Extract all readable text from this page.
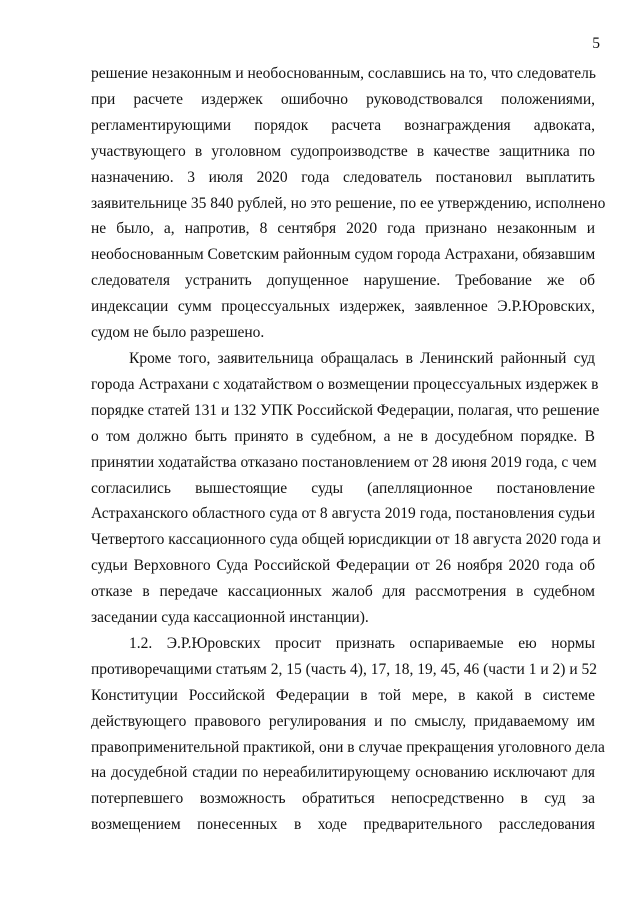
5
решение незаконным и необоснованным, сославшись на то, что следователь
при расчете издержек ошибочно руководствовался положениями,
регламентирующими порядок расчета вознаграждения адвоката,
участвующего в уголовном судопроизводстве в качестве защитника по
назначению. 3 июля 2020 года следователь постановил выплатить
заявительнице 35 840 рублей, но это решение, по ее утверждению, исполнено
не было, а, напротив, 8 сентября 2020 года признано незаконным и
необоснованным Советским районным судом города Астрахани, обязавшим
следователя устранить допущенное нарушение. Требование же об
индексации сумм процессуальных издержек, заявленное Э.Р.Юровских,
судом не было разрешено.
Кроме того, заявительница обращалась в Ленинский районный суд
города Астрахани с ходатайством о возмещении процессуальных издержек в
порядке статей 131 и 132 УПК Российской Федерации, полагая, что решение
о том должно быть принято в судебном, а не в досудебном порядке. В
принятии ходатайства отказано постановлением от 28 июня 2019 года, с чем
согласились вышестоящие суды (апелляционное постановление
Астраханского областного суда от 8 августа 2019 года, постановления судьи
Четвертого кассационного суда общей юрисдикции от 18 августа 2020 года и
судьи Верховного Суда Российской Федерации от 26 ноября 2020 года об
отказе в передаче кассационных жалоб для рассмотрения в судебном
заседании суда кассационной инстанции).
1.2. Э.Р.Юровских просит признать оспариваемые ею нормы
противоречащими статьям 2, 15 (часть 4), 17, 18, 19, 45, 46 (части 1 и 2) и 52
Конституции Российской Федерации в той мере, в какой в системе
действующего правового регулирования и по смыслу, придаваемому им
правоприменительной практикой, они в случае прекращения уголовного дела
на досудебной стадии по нереабилитирующему основанию исключают для
потерпевшего возможность обратиться непосредственно в суд за
возмещением понесенных в ходе предварительного расследования
